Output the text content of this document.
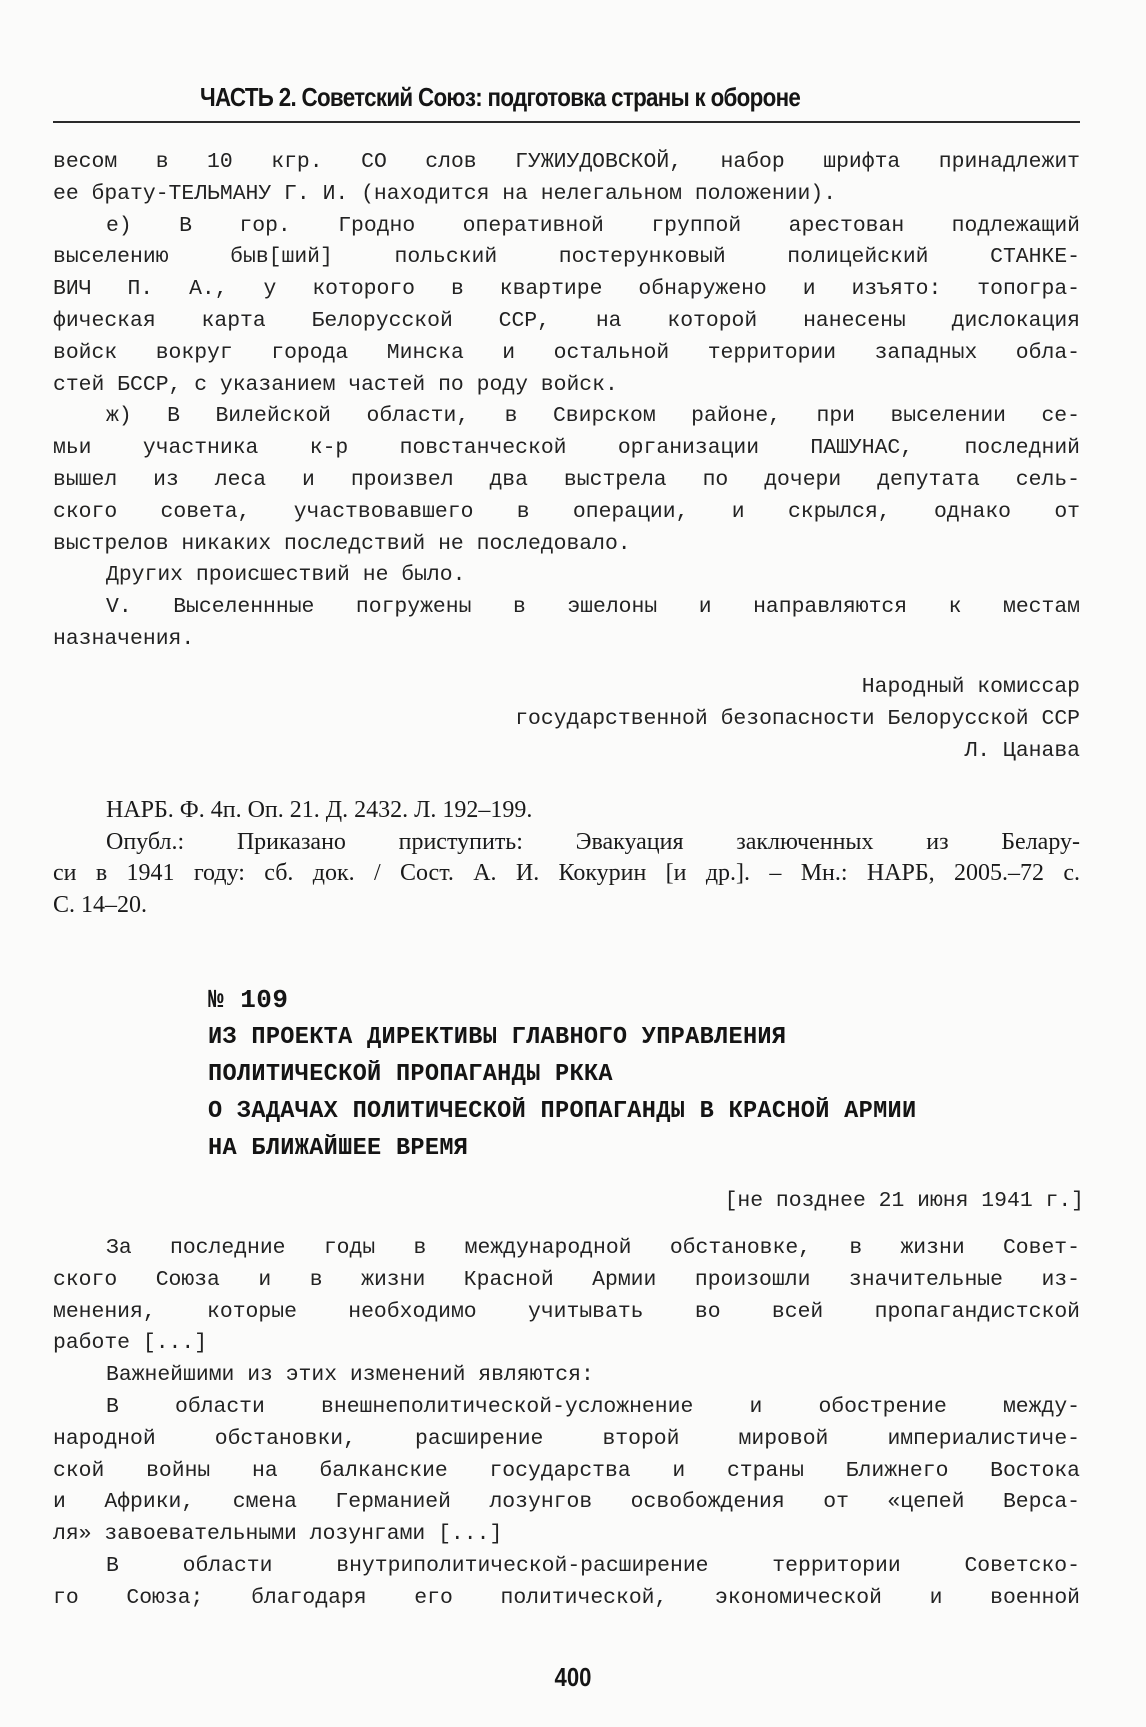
ЧАСТЬ 2. Советский Союз: подготовка страны к обороне
весом в 10 кгр. СО слов ГУЖИУДОВСКОЙ, набор шрифта принадлежит
ее брату-ТЕЛЬМАНУ Г. И. (находится на нелегальном положении).
е) В гор. Гродно оперативной группой арестован подлежащий
выселению быв[ший] польский постерунковый полицейский СТАНКЕ-
ВИЧ П. А., у которого в квартире обнаружено и изъято: топогра-
фическая карта Белорусской ССР, на которой нанесены дислокация
войск вокруг города Минска и остальной территории западных обла-
стей БССР, с указанием частей по роду войск.
ж) В Вилейской области, в Свирском районе, при выселении се-
мьи участника к-р повстанческой организации ПАШУНАС, последний
вышел из леса и произвел два выстрела по дочери депутата сель-
ского совета, участвовавшего в операции, и скрылся, однако от
выстрелов никаких последствий не последовало.
Других происшествий не было.
V. Выселеннные погружены в эшелоны и направляются к местам
назначения.
Народный комиссар
государственной безопасности Белорусской ССР
Л. Цанава
НАРБ. Ф. 4п. Оп. 21. Д. 2432. Л. 192–199.
Опубл.: Приказано приступить: Эвакуация заключенных из Белару-
си в 1941 году: сб. док. / Сост. А. И. Кокурин [и др.]. – Мн.: НАРБ, 2005.–72 с.
С. 14–20.
№ 109
ИЗ ПРОЕКТА ДИРЕКТИВЫ ГЛАВНОГО УПРАВЛЕНИЯ
ПОЛИТИЧЕСКОЙ ПРОПАГАНДЫ РККА
О ЗАДАЧАХ ПОЛИТИЧЕСКОЙ ПРОПАГАНДЫ В КРАСНОЙ АРМИИ
НА БЛИЖАЙШЕЕ ВРЕМЯ
[не позднее 21 июня 1941 г.]
За последние годы в международной обстановке, в жизни Совет-
ского Союза и в жизни Красной Армии произошли значительные из-
менения, которые необходимо учитывать во всей пропагандистской
работе [...]
Важнейшими из этих изменений являются:
В области внешнеполитической-усложнение и обострение между-
народной обстановки, расширение второй мировой империалистиче-
ской войны на балканские государства и страны Ближнего Востока
и Африки, смена Германией лозунгов освобождения от «цепей Верса-
ля» завоевательными лозунгами [...]
В области внутриполитической-расширение территории Советско-
го Союза; благодаря его политической, экономической и военной
400
